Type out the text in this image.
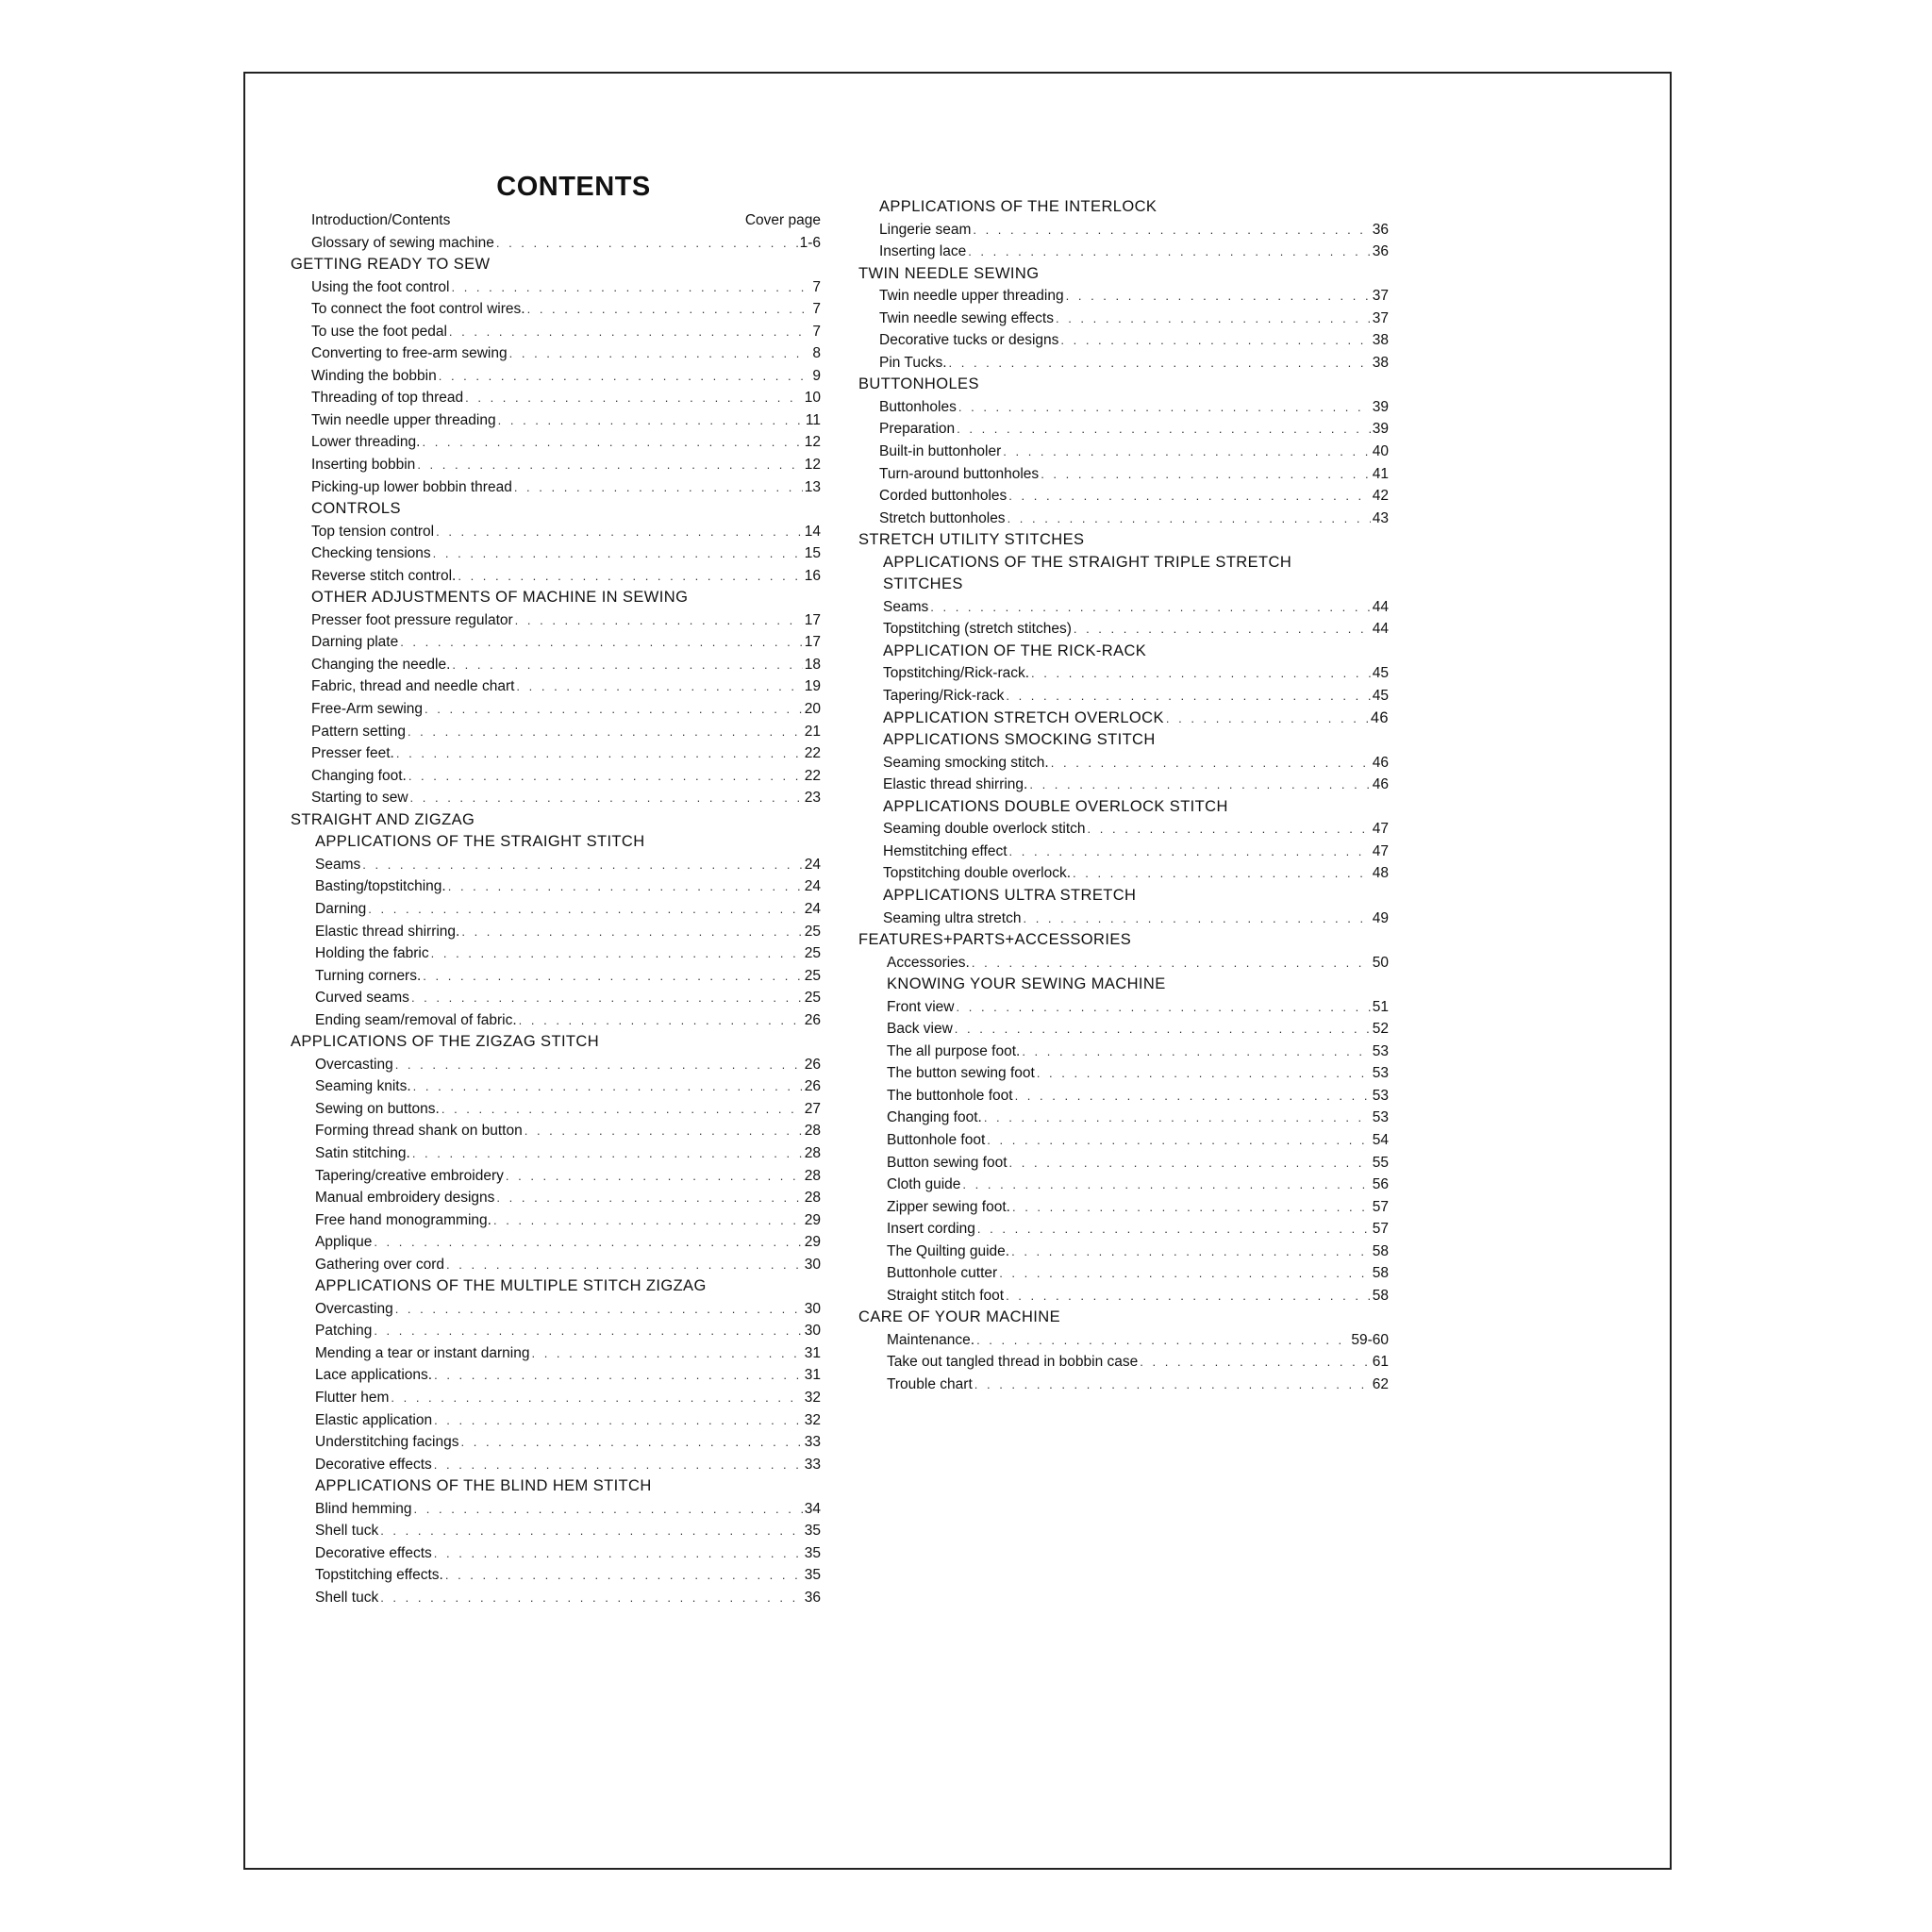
CONTENTS
Introduction/Contents	Cover page
Glossary of sewing machine . . .	1-6
GETTING READY TO SEW
Using the foot control . . .	7
To connect the foot control wires. . . .	7
To use the foot pedal . . .	7
Converting to free-arm sewing . . .	8
Winding the bobbin . . .	9
Threading of top thread . . .	10
Twin needle upper threading . . .	11
Lower threading. . . .	12
Inserting bobbin . . .	12
Picking-up lower bobbin thread . . .	13
CONTROLS
Top tension control . . .	14
Checking tensions . . .	15
Reverse stitch control. . . .	16
OTHER ADJUSTMENTS OF MACHINE IN SEWING
Presser foot pressure regulator . . .	17
Darning plate . . .	17
Changing the needle. . . .	18
Fabric, thread and needle chart . . .	19
Free-Arm sewing . . .	20
Pattern setting . . .	21
Presser feet. . . .	22
Changing foot. . . .	22
Starting to sew . . .	23
STRAIGHT AND ZIGZAG
APPLICATIONS OF THE STRAIGHT STITCH
Seams . . .	24
Basting/topstitching. . . .	24
Darning . . .	24
Elastic thread shirring. . . .	25
Holding the fabric . . .	25
Turning corners. . . .	25
Curved seams . . .	25
Ending seam/removal of fabric. . . .	26
APPLICATIONS OF THE ZIGZAG STITCH
Overcasting . . .	26
Seaming knits. . . .	26
Sewing on buttons. . . .	27
Forming thread shank on button . . .	28
Satin stitching. . . .	28
Tapering/creative embroidery . . .	28
Manual embroidery designs . . .	28
Free hand monogramming. . . .	29
Applique . . .	29
Gathering over cord . . .	30
APPLICATIONS OF THE MULTIPLE STITCH ZIGZAG
Overcasting . . .	30
Patching . . .	30
Mending a tear or instant darning . . .	31
Lace applications. . . .	31
Flutter hem . . .	32
Elastic application . . .	32
Understitching facings . . .	33
Decorative effects . . .	33
APPLICATIONS OF THE BLIND HEM STITCH
Blind hemming . . .	34
Shell tuck . . .	35
Decorative effects . . .	35
Topstitching effects. . . .	35
Shell tuck . . .	36
APPLICATIONS OF THE INTERLOCK
Lingerie seam . . .	36
Inserting lace . . .	36
TWIN NEEDLE SEWING
Twin needle upper threading . . .	37
Twin needle sewing effects . . .	37
Decorative tucks or designs . . .	38
Pin Tucks. . . .	38
BUTTONHOLES
Buttonholes . . .	39
Preparation . . .	39
Built-in buttonholer . . .	40
Turn-around buttonholes . . .	41
Corded buttonholes . . .	42
Stretch buttonholes . . .	43
STRETCH UTILITY STITCHES
APPLICATIONS OF THE STRAIGHT TRIPLE STRETCH
STITCHES
Seams . . .	44
Topstitching (stretch stitches) . . .	44
APPLICATION OF THE RICK-RACK
Topstitching/Rick-rack. . . .	45
Tapering/Rick-rack . . .	45
APPLICATION STRETCH OVERLOCK . . .	46
APPLICATIONS SMOCKING STITCH
Seaming smocking stitch. . . .	46
Elastic thread shirring. . . .	46
APPLICATIONS DOUBLE OVERLOCK STITCH
Seaming double overlock stitch . . .	47
Hemstitching effect . . .	47
Topstitching double overlock. . . .	48
APPLICATIONS ULTRA STRETCH
Seaming ultra stretch . . .	49
FEATURES+PARTS+ACCESSORIES
Accessories. . . .	50
KNOWING YOUR SEWING MACHINE
Front view . . .	51
Back view . . .	52
The all purpose foot. . . .	53
The button sewing foot . . .	53
The buttonhole foot . . .	53
Changing foot. . . .	53
Buttonhole foot . . .	54
Button sewing foot . . .	55
Cloth guide . . .	56
Zipper sewing foot. . . .	57
Insert cording . . .	57
The Quilting guide. . . .	58
Buttonhole cutter . . .	58
Straight stitch foot . . .	58
CARE OF YOUR MACHINE
Maintenance. . . .	59-60
Take out tangled thread in bobbin case . . .	61
Trouble chart . . .	62
